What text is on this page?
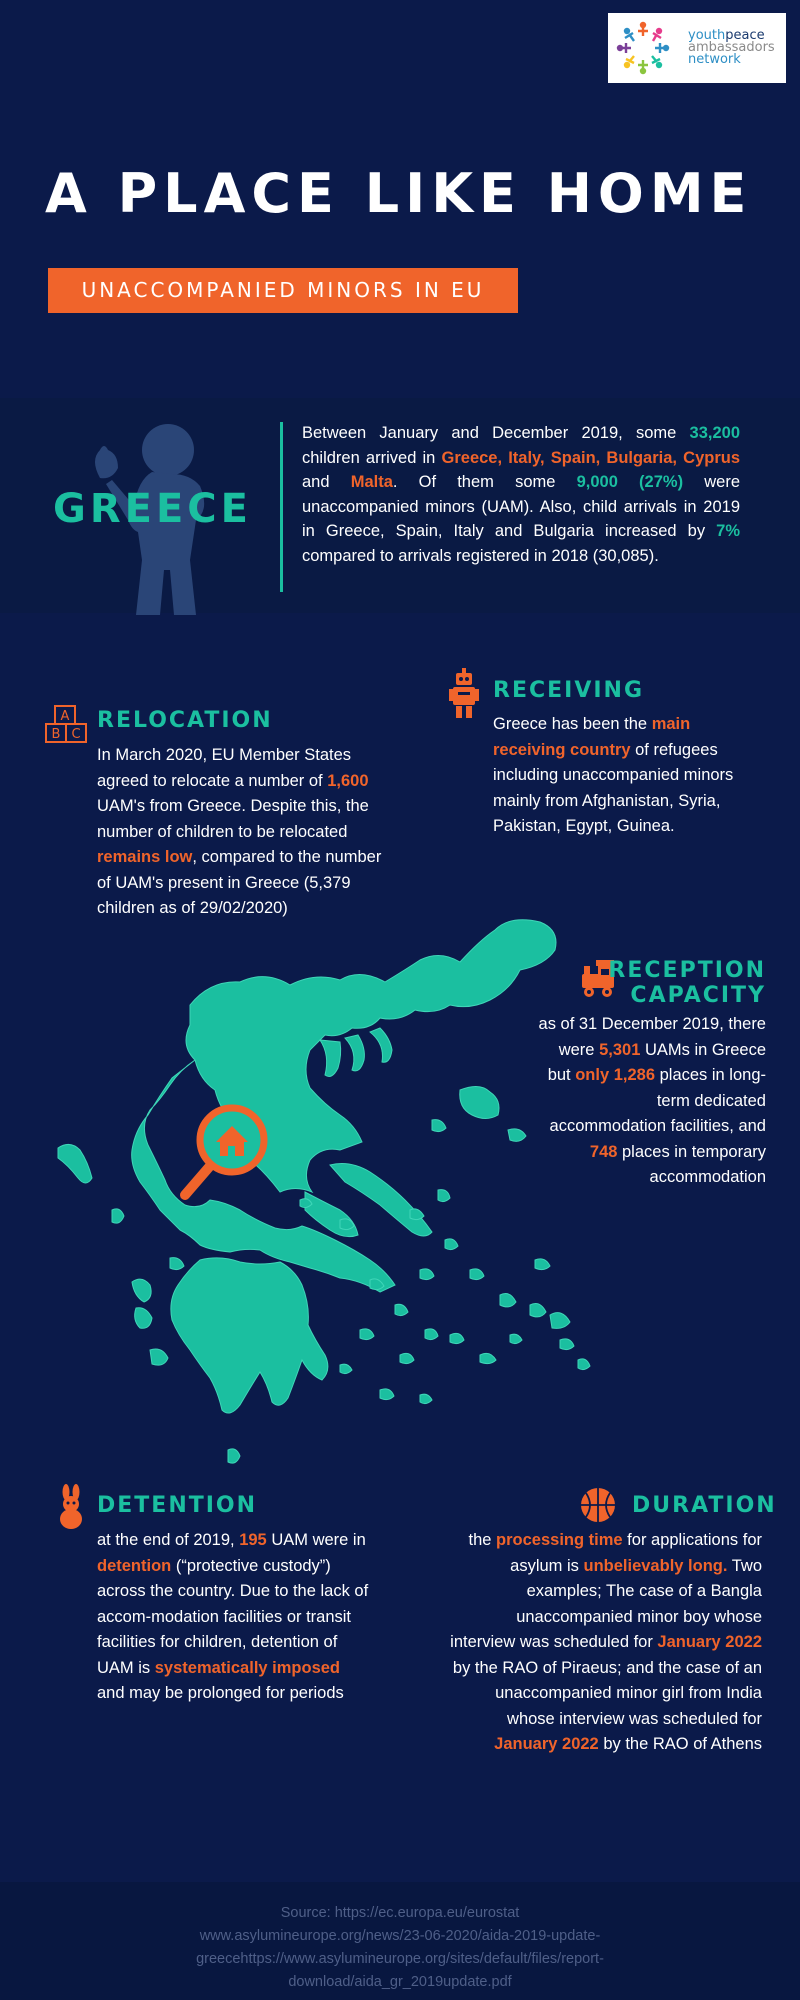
youthpeace
ambassadors
network
A PLACE LIKE HOME
UNACCOMPANIED MINORS IN EU
GREECE
Between January and December 2019, some 33,200 children arrived in Greece, Italy, Spain, Bulgaria, Cyprus and Malta. Of them some 9,000 (27%) were unaccompanied minors (UAM). Also, child arrivals in 2019 in Greece, Spain, Italy and Bulgaria increased by 7% compared to arrivals registered in 2018 (30,085).
A
B C
RELOCATION
In March 2020, EU Member States agreed to relocate a number of 1,600 UAM's from Greece. Despite this, the number of children to be relocated remains low, compared to the number of UAM's present in Greece (5,379 children as of 29/02/2020)
RECEIVING
Greece has been the main receiving country of refugees including unaccompanied minors mainly from Afghanistan, Syria, Pakistan, Egypt, Guinea.
RECEPTION
CAPACITY
as of 31 December 2019, there were 5,301 UAMs in Greece but only 1,286 places in long-term dedicated accommodation facilities, and 748 places in temporary accommodation
DETENTION
at the end of 2019, 195 UAM were in detention (“protective custody”) across the country. Due to the lack of accom-modation facilities or transit facilities for children, detention of UAM is systematically imposed and may be prolonged for periods
DURATION
the processing time for applications for asylum is unbelievably long. Two examples; The case of a Bangla unaccompanied minor boy whose interview was scheduled for January 2022 by the RAO of Piraeus; and the case of an unaccompanied minor girl from India whose interview was scheduled for January 2022 by the RAO of Athens
Source: https://ec.europa.eu/eurostat
www.asylumineurope.org/news/23-06-2020/aida-2019-update-
greecehttps://www.asylumineurope.org/sites/default/files/report-
download/aida_gr_2019update.pdf
